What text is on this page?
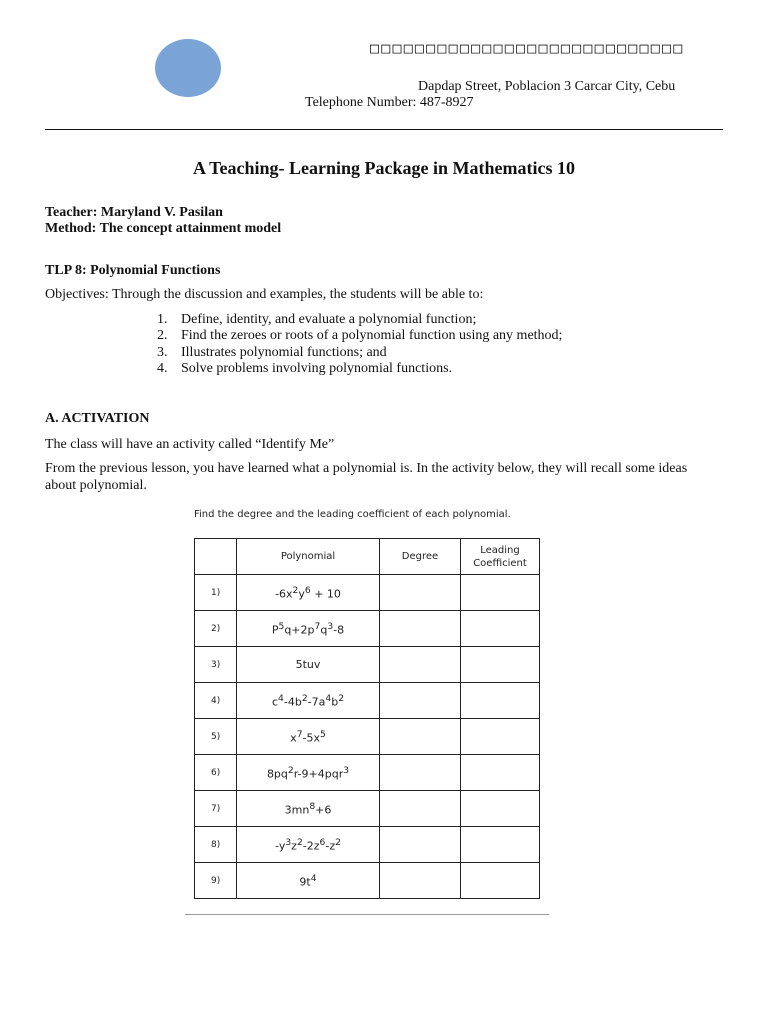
□□□□□□□□□□□□□□□□□□□□□□□□□□□□
Dapdap Street, Poblacion 3 Carcar City, Cebu
Telephone Number: 487-8927
A Teaching- Learning Package in Mathematics 10
Teacher: Maryland V. Pasilan
Method: The concept attainment model
TLP 8: Polynomial Functions
Objectives: Through the discussion and examples, the students will be able to:
1. Define, identity, and evaluate a polynomial function;
2. Find the zeroes or roots of a polynomial function using any method;
3. Illustrates polynomial functions; and
4. Solve problems involving polynomial functions.
A. ACTIVATION
The class will have an activity called “Identify Me”
From the previous lesson, you have learned what a polynomial is. In the activity below, they will recall some ideas about polynomial.
Find the degree and the leading coefficient of each polynomial.
	Polynomial	Degree	Leading
Coefficient
1)	$-6x^2y^6 + 10$		
2)	$P^5q+2p^7q^3-8$		
3)	5tuv		
4)	$c^4-4b^2-7a^4b^2$		
5)	$x^7-5x^5$		
6)	$8pq^2r-9+4pqr^3$		
7)	$3mn^8+6$		
8)	$-y^3z^2-2z^6-z^2$		
9)	$9t^4$		
